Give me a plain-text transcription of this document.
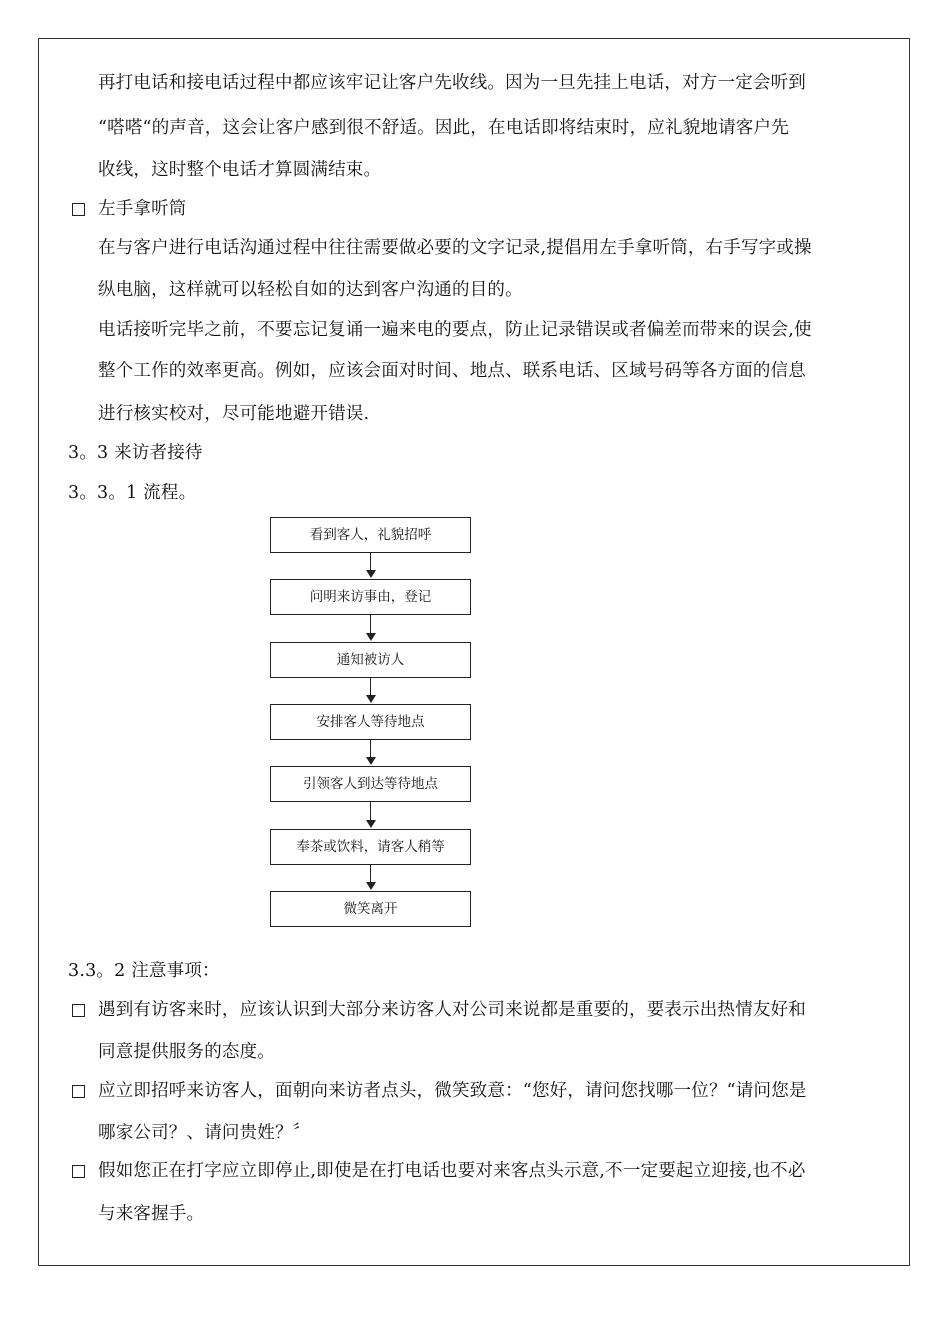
再打电话和接电话过程中都应该牢记让客户先收线。因为一旦先挂上电话，对方一定会听到
“嗒嗒“的声音，这会让客户感到很不舒适。因此，在电话即将结束时，应礼貌地请客户先
收线，这时整个电话才算圆满结束。
左手拿听筒
在与客户进行电话沟通过程中往往需要做必要的文字记录,提倡用左手拿听筒，右手写字或操
纵电脑，这样就可以轻松自如的达到客户沟通的目的。
电话接听完毕之前，不要忘记复诵一遍来电的要点，防止记录错误或者偏差而带来的误会,使
整个工作的效率更高。例如，应该会面对时间、地点、联系电话、区域号码等各方面的信息
进行核实校对，尽可能地避开错误.
3。3 来访者接待
3。3。1 流程。
看到客人，礼貌招呼
问明来访事由，登记
通知被访人
安排客人等待地点
引领客人到达等待地点
奉茶或饮料，请客人稍等
微笑离开
3.3。2 注意事项：
遇到有访客来时，应该认识到大部分来访客人对公司来说都是重要的，要表示出热情友好和
同意提供服务的态度。
应立即招呼来访客人，面朝向来访者点头，微笑致意：“您好，请问您找哪一位？“请问您是
哪家公司？、请问贵姓？〞
假如您正在打字应立即停止,即使是在打电话也要对来客点头示意,不一定要起立迎接,也不必
与来客握手。
